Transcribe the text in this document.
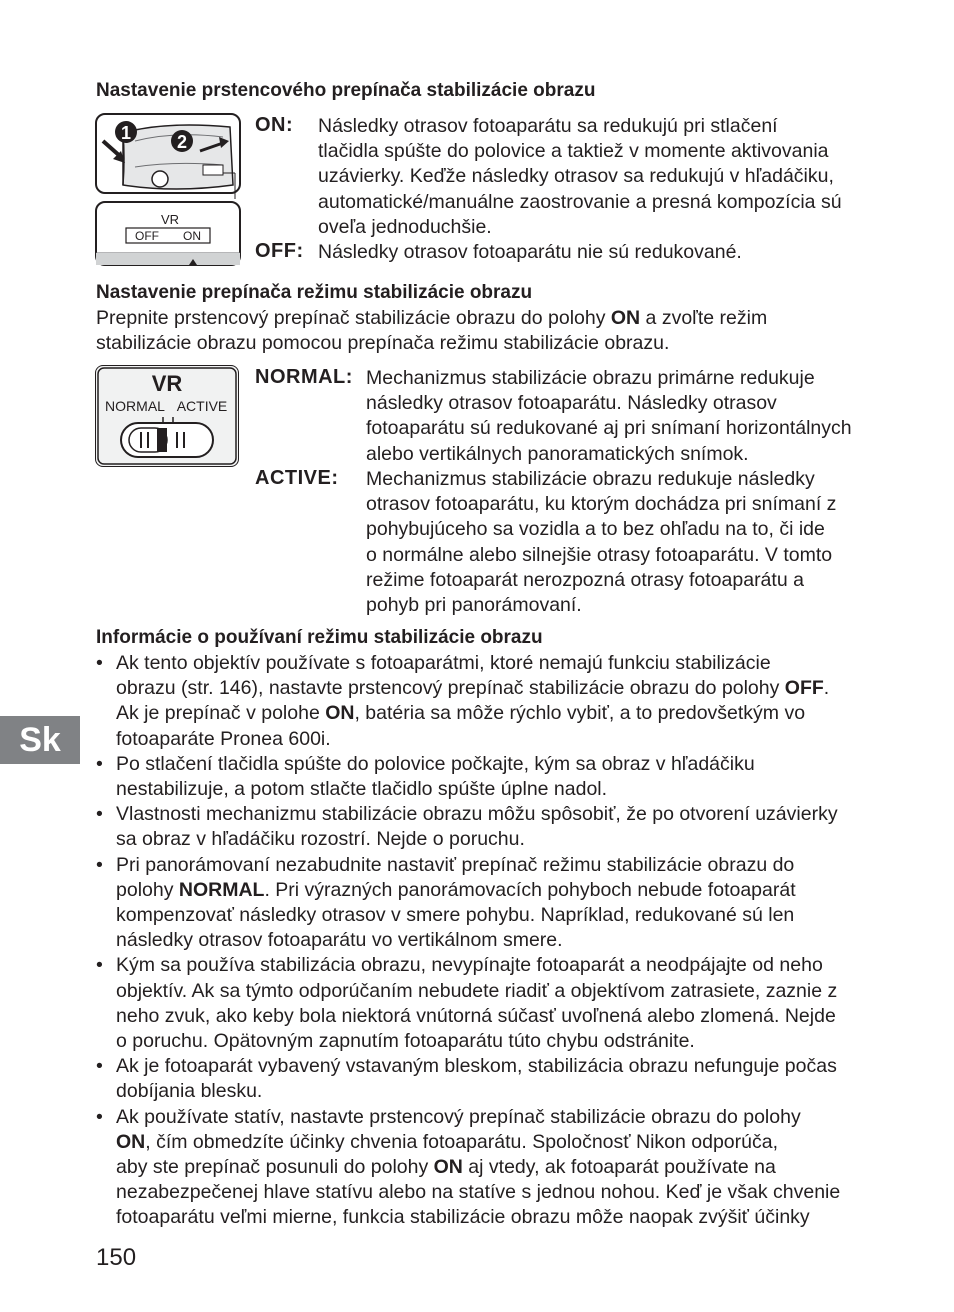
Nastavenie prstencového prepínača stabilizácie obrazu
1	2
VR
OFF ON
ON: Následky otrasov fotoaparátu sa redukujú pri stlačení
tlačidla spúšte do polovice a taktiež v momente aktivovania
uzávierky. Keďže následky otrasov sa redukujú v hľadáčiku,
automatické/manuálne zaostrovanie a presná kompozícia sú
oveľa jednoduchšie.

OFF: Následky otrasov fotoaparátu nie sú redukované.

Nastavenie prepínača režimu stabilizácie obrazu

Prepnite prstencový prepínač stabilizácie obrazu do polohy ON a zvoľte režim
stabilizácie obrazu pomocou prepínača režimu stabilizácie obrazu.

VR
NORMAL ACTIVE
NORMAL: Mechanizmus stabilizácie obrazu primárne redukuje
následky otrasov fotoaparátu. Následky otrasov
fotoaparátu sú redukované aj pri snímaní horizontálnych
alebo vertikálnych panoramatických snímok.

ACTIVE: Mechanizmus stabilizácie obrazu redukuje následky
otrasov fotoaparátu, ku ktorým dochádza pri snímaní z
pohybujúceho sa vozidla a to bez ohľadu na to, či ide
o normálne alebo silnejšie otrasy fotoaparátu. V tomto
režime fotoaparát nerozpozná otrasy fotoaparátu a
pohyb pri panorámovaní.

Informácie o používaní režimu stabilizácie obrazu
• Ak tento objektív používate s fotoaparátmi, ktoré nemajú funkciu stabilizácie
obrazu (str. 146), nastavte prstencový prepínač stabilizácie obrazu do polohy OFF.
Ak je prepínač v polohe ON, batéria sa môže rýchlo vybiť, a to predovšetkým vo
fotoaparáte Pronea 600i.
• Po stlačení tlačidla spúšte do polovice počkajte, kým sa obraz v hľadáčiku
nestabilizuje, a potom stlačte tlačidlo spúšte úplne nadol.
• Vlastnosti mechanizmu stabilizácie obrazu môžu spôsobiť, že po otvorení uzávierky
sa obraz v hľadáčiku rozostrí. Nejde o poruchu.
• Pri panorámovaní nezabudnite nastaviť prepínač režimu stabilizácie obrazu do
polohy NORMAL. Pri výrazných panorámovacích pohyboch nebude fotoaparát
kompenzovať následky otrasov v smere pohybu. Napríklad, redukované sú len
následky otrasov fotoaparátu vo vertikálnom smere.
• Kým sa používa stabilizácia obrazu, nevypínajte fotoaparát a neodpájajte od neho
objektív. Ak sa týmto odporúčaním nebudete riadiť a objektívom zatrasiete, zaznie z
neho zvuk, ako keby bola niektorá vnútorná súčasť uvoľnená alebo zlomená. Nejde
o poruchu. Opätovným zapnutím fotoaparátu túto chybu odstránite.
• Ak je fotoaparát vybavený vstavaným bleskom, stabilizácia obrazu nefunguje počas
dobíjania blesku.
• Ak používate statív, nastavte prstencový prepínač stabilizácie obrazu do polohy
ON, čím obmedzíte účinky chvenia fotoaparátu. Spoločnosť Nikon odporúča,
aby ste prepínač posunuli do polohy ON aj vtedy, ak fotoaparát používate na
nezabezpečenej hlave statívu alebo na statíve s jednou nohou. Keď je však chvenie
fotoaparátu veľmi mierne, funkcia stabilizácie obrazu môže naopak zvýšiť účinky
Sk
150
